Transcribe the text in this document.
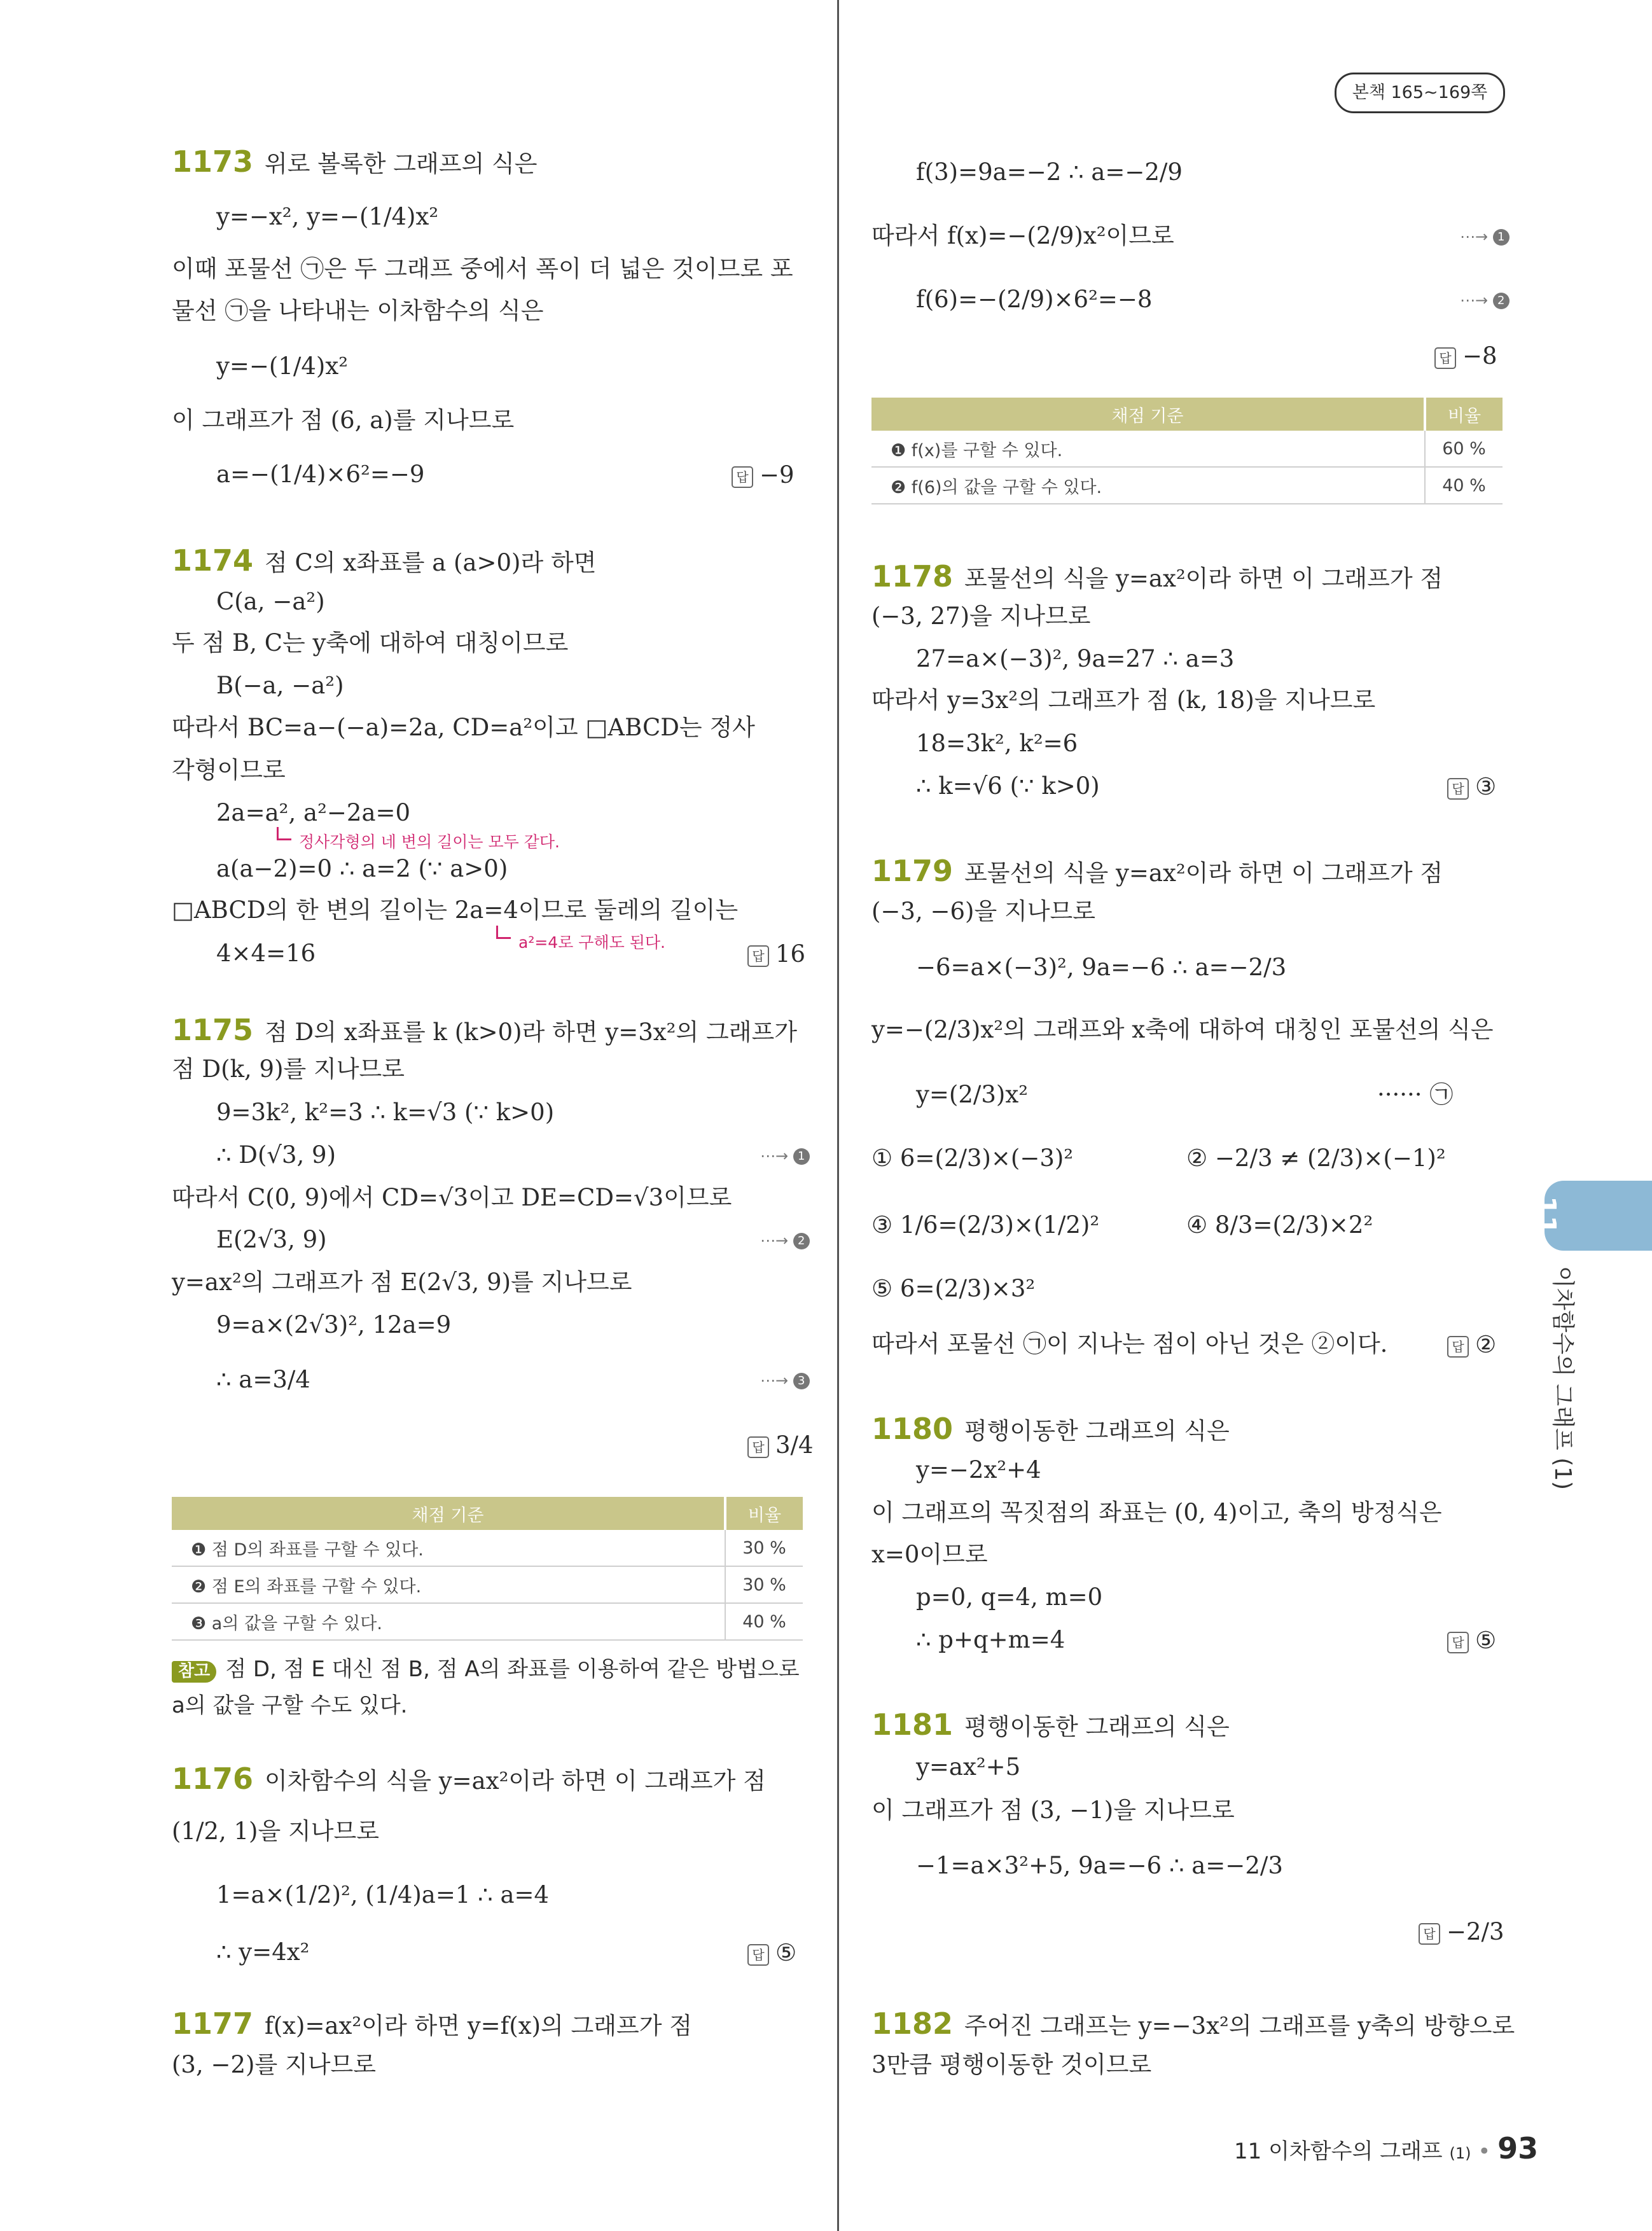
본책 165~169쪽
1173 위로 볼록한 그래프의 식은
y=−x², y=−(1/4)x²
이때 포물선 ㉠은 두 그래프 중에서 폭이 더 넓은 것이므로 포
물선 ㉠을 나타내는 이차함수의 식은
y=−(1/4)x²
이 그래프가 점 (6, a)를 지나므로
a=−(1/4)×6²=−9	답 −9
1174 점 C의 x좌표를 a (a>0)라 하면
C(a, −a²)
두 점 B, C는 y축에 대하여 대칭이므로
B(−a, −a²)
따라서 BC=a−(−a)=2a, CD=a²이고 □ABCD는 정사
각형이므로
2a=a², a²−2a=0
정사각형의 네 변의 길이는 모두 같다.
a(a−2)=0 ∴ a=2 (∵ a>0)
□ABCD의 한 변의 길이는 2a=4이므로 둘레의 길이는
a²=4로 구해도 된다.
4×4=16	답 16
1175 점 D의 x좌표를 k (k>0)라 하면 y=3x²의 그래프가
점 D(k, 9)를 지나므로
9=3k², k²=3 ∴ k=√3 (∵ k>0)
∴ D(√3, 9)	⋯→ 1
따라서 C(0, 9)에서 CD=√3이고 DE=CD=√3이므로
E(2√3, 9)	⋯→ 2
y=ax²의 그래프가 점 E(2√3, 9)를 지나므로
9=a×(2√3)², 12a=9
∴ a=3/4	⋯→ 3
답 3/4
채점 기준	비율
❶ 점 D의 좌표를 구할 수 있다.	30 %
❷ 점 E의 좌표를 구할 수 있다.	30 %
❸ a의 값을 구할 수 있다.	40 %
참고 점 D, 점 E 대신 점 B, 점 A의 좌표를 이용하여 같은 방법으로
a의 값을 구할 수도 있다.
1176 이차함수의 식을 y=ax²이라 하면 이 그래프가 점
(1/2, 1)을 지나므로
1=a×(1/2)², (1/4)a=1 ∴ a=4
∴ y=4x²	답 ⑤
1177 f(x)=ax²이라 하면 y=f(x)의 그래프가 점
(3, −2)를 지나므로
f(3)=9a=−2 ∴ a=−2/9
따라서 f(x)=−(2/9)x²이므로	⋯→ 1
f(6)=−(2/9)×6²=−8	⋯→ 2
답 −8
채점 기준	비율
❶ f(x)를 구할 수 있다.	60 %
❷ f(6)의 값을 구할 수 있다.	40 %
1178 포물선의 식을 y=ax²이라 하면 이 그래프가 점
(−3, 27)을 지나므로
27=a×(−3)², 9a=27 ∴ a=3
따라서 y=3x²의 그래프가 점 (k, 18)을 지나므로
18=3k², k²=6
∴ k=√6 (∵ k>0)	답 ③
1179 포물선의 식을 y=ax²이라 하면 이 그래프가 점
(−3, −6)을 지나므로
−6=a×(−3)², 9a=−6 ∴ a=−2/3
y=−(2/3)x²의 그래프와 x축에 대하여 대칭인 포물선의 식은
y=(2/3)x²	······ ㉠
① 6=(2/3)×(−3)²	② −2/3 ≠ (2/3)×(−1)²
③ 1/6=(2/3)×(1/2)²	④ 8/3=(2/3)×2²
⑤ 6=(2/3)×3²
따라서 포물선 ㉠이 지나는 점이 아닌 것은 ②이다.	답 ②
1180 평행이동한 그래프의 식은
y=−2x²+4
이 그래프의 꼭짓점의 좌표는 (0, 4)이고, 축의 방정식은
x=0이므로
p=0, q=4, m=0
∴ p+q+m=4	답 ⑤
1181 평행이동한 그래프의 식은
y=ax²+5
이 그래프가 점 (3, −1)을 지나므로
−1=a×3²+5, 9a=−6 ∴ a=−2/3
답 −2/3
1182 주어진 그래프는 y=−3x²의 그래프를 y축의 방향으로
3만큼 평행이동한 것이므로
11
이차함수의 그래프 (1)
11 이차함수의 그래프 (1) • 93
